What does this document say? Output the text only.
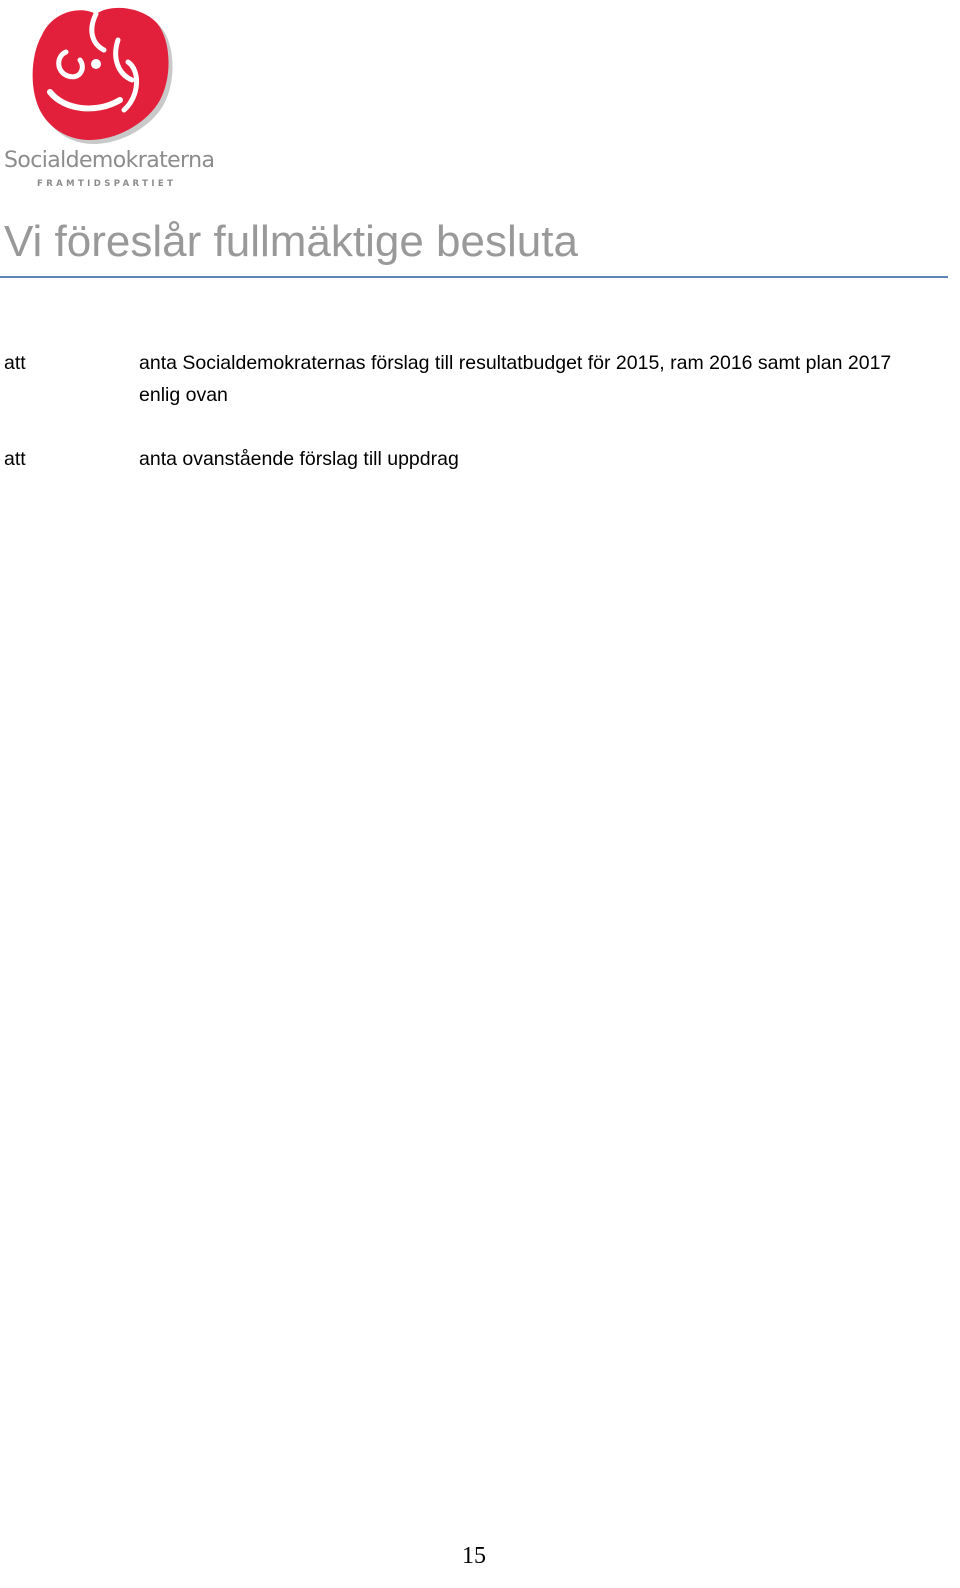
Socialdemokraterna
FRAMTIDSPARTIET
Vi föreslår fullmäktige besluta
att	anta Socialdemokraternas förslag till resultatbudget för 2015, ram 2016 samt plan 2017 enlig ovan
att	anta ovanstående förslag till uppdrag
15
